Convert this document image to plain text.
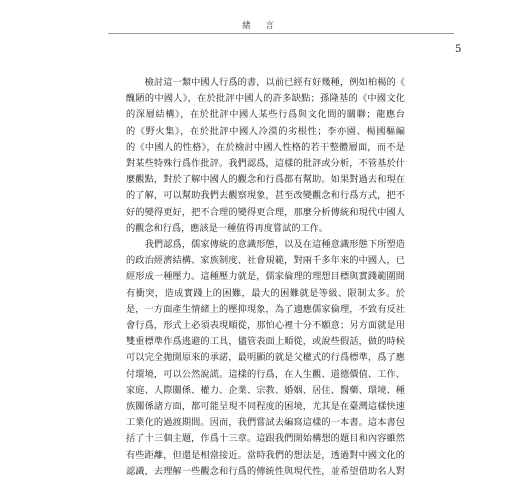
緒 言
5

　　檢討這一類中國人行爲的書，以前已經有好幾種，例如柏楊的《
醜陋的中國人》，在於批評中國人的許多缺點；孫隆基的《中國文化
的深層結構》，在於批評中國人某些行爲與文化間的關聯；龍應台
的《野火集》，在於批評中國人冷漠的劣根性；李亦園、楊國樞編
的《中國人的性格》，在於檢討中國人性格的若干整體層面，而不是
對某些特殊行爲作批評。我們認爲，這樣的批評或分析，不管基於什
麼觀點，對於了解中國人的觀念和行爲都有幫助。如果對過去和現在
的了解，可以幫助我們去觀察現象，甚至改變觀念和行爲方式，把不
好的變得更好，把不合理的變得更合理，那麼分析傳統和現代中國人
的觀念和行爲，應該是一種值得再度嘗試的工作。

　　我們認爲，儒家傳統的意識形態，以及在這種意識形態下所塑造
的政治經濟結構、家族制度、社會規範，對兩千多年來的中國人，已
經形成一種壓力。這種壓力就是，儒家倫理的理想目標與實踐範圍間
有衝突，造成實踐上的困難，最大的困難就是等級、限制太多。於
是，一方面產生情緒上的壓抑現象，為了適應儒家倫理，不致有反社
會行爲，形式上必須表現順從，那怕心裡十分不願意；另方面就是用
雙重標準作爲逃避的工具，儘管表面上順從，或說些假話，做的時候
可以完全拋開原來的承諾，最明顯的就是父權式的行爲標準，爲了應
付環境，可以公然說謊。這樣的行爲，在人生觀、道德價值、工作、
家庭、人際關係、權力、企業、宗教、婚姻、居住、醫藥、環境、種
族關係諸方面，都可能呈現不同程度的困境，尤其是在臺灣這樣快速
工業化的過渡期間。因而，我們嘗試去編寫這樣的一本書。這本書包
括了十三個主題，作爲十三章。這跟我們開始構想的題目和內容雖然
有些距離，但還是相當接近。當時我們的想法是，透過對中國文化的
認識，去理解一些觀念和行爲的傳統性與現代性，並希望借助名人對
